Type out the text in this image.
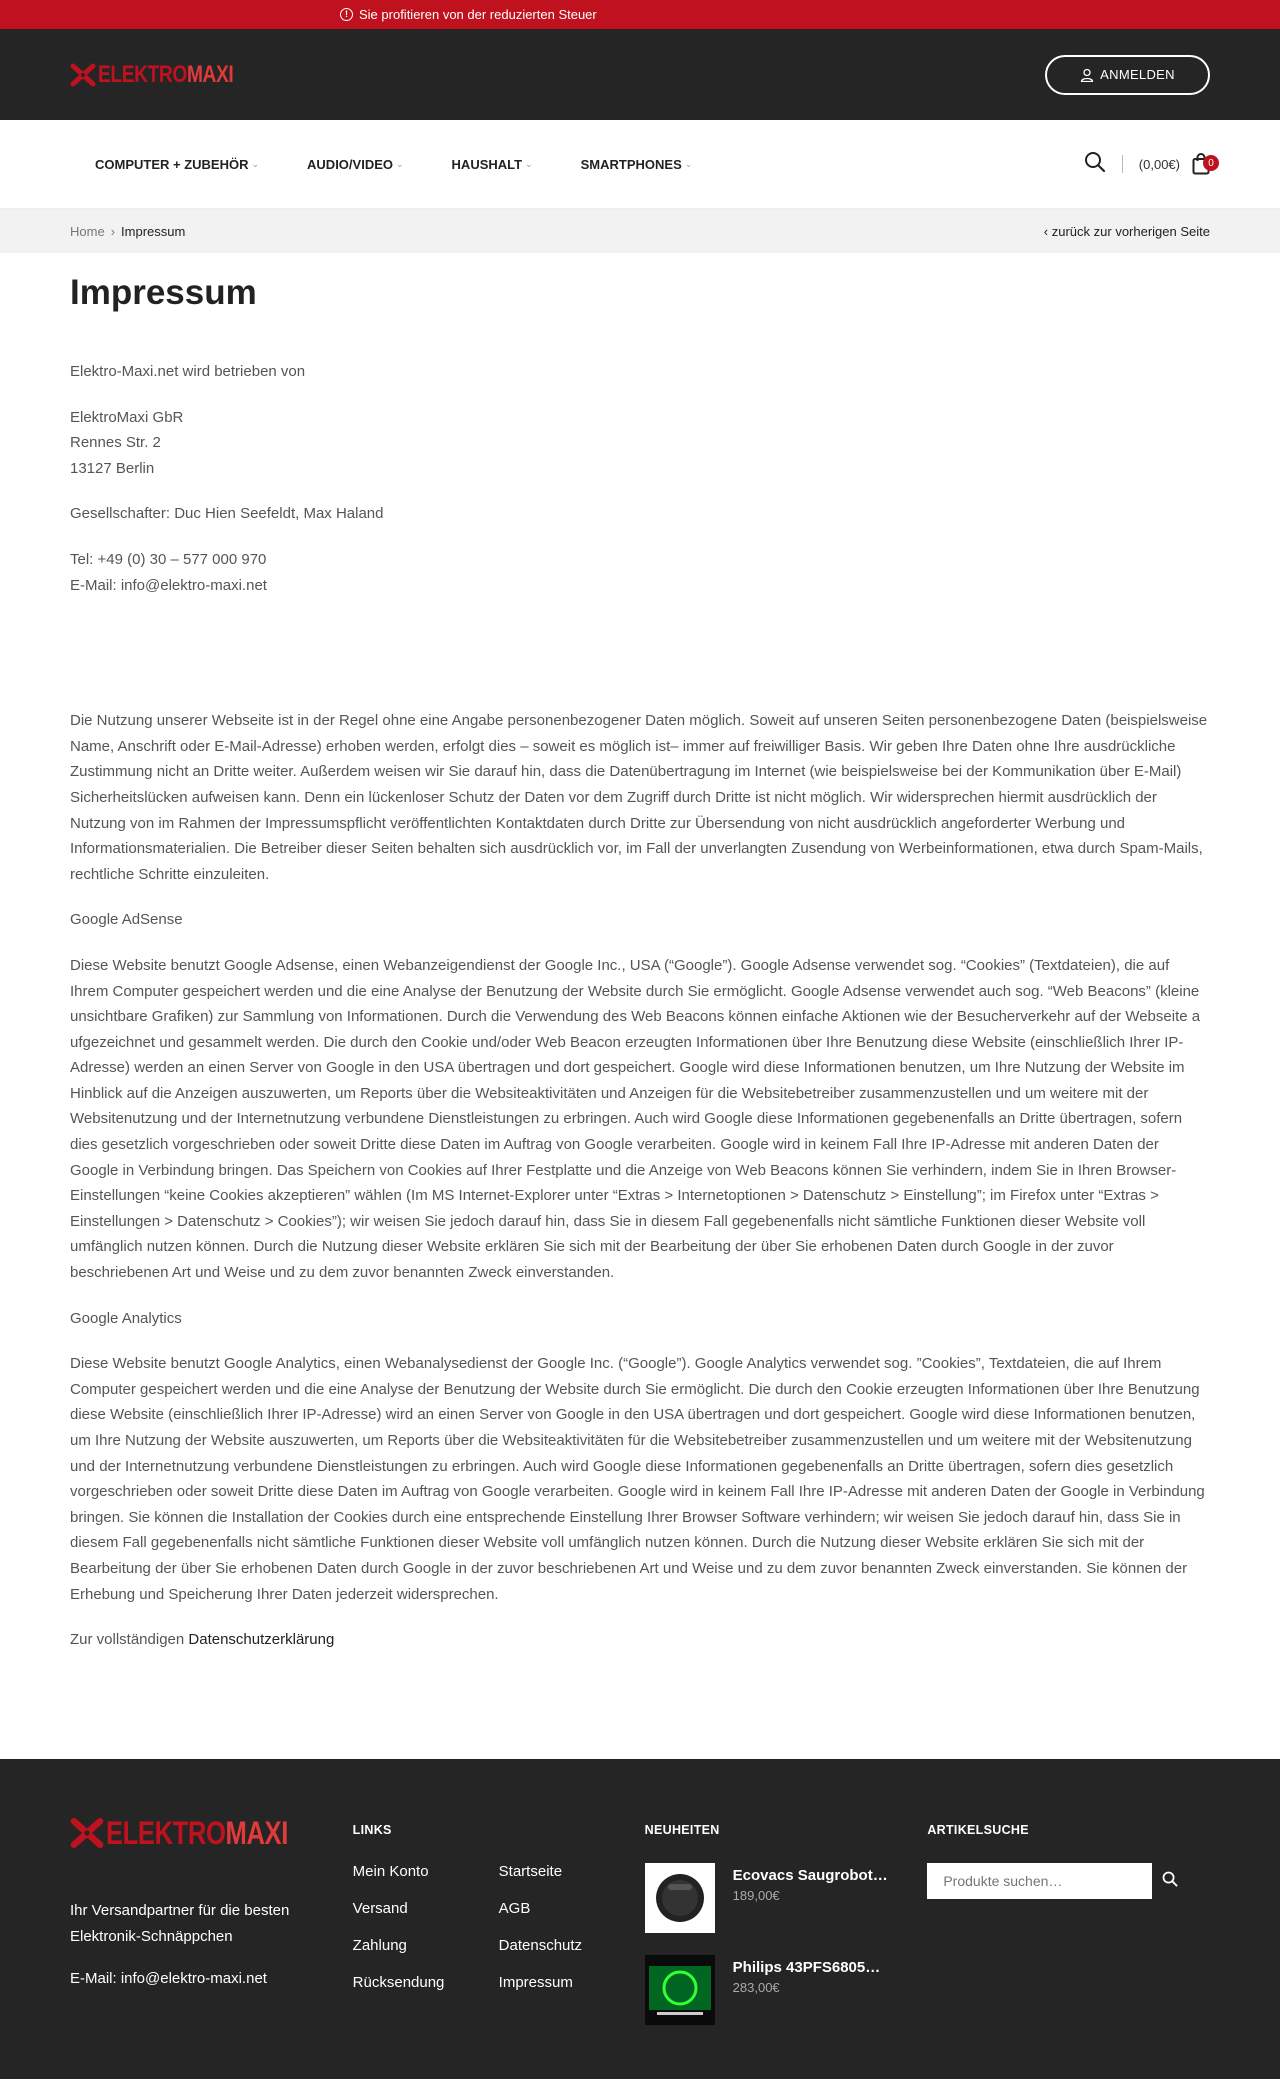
! Sie profitieren von der reduzierten Steuer
ELEKTROMAXI	ANMELDEN
COMPUTER + ZUBEHÖR ⌄	AUDIO/VIDEO ⌄	HAUSHALT ⌄	SMARTPHONES ⌄	(0,00€)	0
Home › Impressum	‹ zurück zur vorherigen Seite
Impressum

Elektro-Maxi.net wird betrieben von

ElektroMaxi GbR
Rennes Str. 2
13127 Berlin

Gesellschafter: Duc Hien Seefeldt, Max Haland

Tel: +49 (0) 30 – 577 000 970
E-Mail: info@elektro-maxi.net

Die Nutzung unserer Webseite ist in der Regel ohne eine Angabe personenbezogener Daten möglich. Soweit auf unseren Seiten personenbezogene Daten (beispielsweise Name, Anschrift oder E-Mail-Adresse) erhoben werden, erfolgt dies – soweit es möglich ist– immer auf freiwilliger Basis. Wir geben Ihre Daten ohne Ihre ausdrückliche Zustimmung nicht an Dritte weiter. Außerdem weisen wir Sie darauf hin, dass die Datenübertragung im Internet (wie beispielsweise bei der Kommunikation über E-Mail) Sicherheitslücken aufweisen kann. Denn ein lückenloser Schutz der Daten vor dem Zugriff durch Dritte ist nicht möglich. Wir widersprechen hiermit ausdrücklich der Nutzung von im Rahmen der Impressumspflicht veröffentlichten Kontaktdaten durch Dritte zur Übersendung von nicht ausdrücklich angeforderter Werbung und Informationsmaterialien. Die Betreiber dieser Seiten behalten sich ausdrücklich vor, im Fall der unverlangten Zusendung von Werbeinformationen, etwa durch Spam-Mails, rechtliche Schritte einzuleiten.

Google AdSense

Diese Website benutzt Google Adsense, einen Webanzeigendienst der Google Inc., USA (“Google”). Google Adsense verwendet sog. “Cookies” (Textdateien), die auf Ihrem Computer gespeichert werden und die eine Analyse der Benutzung der Website durch Sie ermöglicht. Google Adsense verwendet auch sog. “Web Beacons” (kleine unsichtbare Grafiken) zur Sammlung von Informationen. Durch die Verwendung des Web Beacons können einfache Aktionen wie der Besucherverkehr auf der Webseite a ufgezeichnet und gesammelt werden. Die durch den Cookie und/oder Web Beacon erzeugten Informationen über Ihre Benutzung diese Website (einschließlich Ihrer IP-Adresse) werden an einen Server von Google in den USA übertragen und dort gespeichert. Google wird diese Informationen benutzen, um Ihre Nutzung der Website im Hinblick auf die Anzeigen auszuwerten, um Reports über die Websiteaktivitäten und Anzeigen für die Websitebetreiber zusammenzustellen und um weitere mit der Websitenutzung und der Internetnutzung verbundene Dienstleistungen zu erbringen. Auch wird Google diese Informationen gegebenenfalls an Dritte übertragen, sofern dies gesetzlich vorgeschrieben oder soweit Dritte diese Daten im Auftrag von Google verarbeiten. Google wird in keinem Fall Ihre IP-Adresse mit anderen Daten der Google in Verbindung bringen. Das Speichern von Cookies auf Ihrer Festplatte und die Anzeige von Web Beacons können Sie verhindern, indem Sie in Ihren Browser-Einstellungen “keine Cookies akzeptieren” wählen (Im MS Internet-Explorer unter “Extras > Internetoptionen > Datenschutz > Einstellung”; im Firefox unter “Extras > Einstellungen > Datenschutz > Cookies”); wir weisen Sie jedoch darauf hin, dass Sie in diesem Fall gegebenenfalls nicht sämtliche Funktionen dieser Website voll umfänglich nutzen können. Durch die Nutzung dieser Website erklären Sie sich mit der Bearbeitung der über Sie erhobenen Daten durch Google in der zuvor beschriebenen Art und Weise und zu dem zuvor benannten Zweck einverstanden.

Google Analytics

Diese Website benutzt Google Analytics, einen Webanalysedienst der Google Inc. (“Google”). Google Analytics verwendet sog. ”Cookies”, Textdateien, die auf Ihrem Computer gespeichert werden und die eine Analyse der Benutzung der Website durch Sie ermöglicht. Die durch den Cookie erzeugten Informationen über Ihre Benutzung diese Website (einschließlich Ihrer IP-Adresse) wird an einen Server von Google in den USA übertragen und dort gespeichert. Google wird diese Informationen benutzen, um Ihre Nutzung der Website auszuwerten, um Reports über die Websiteaktivitäten für die Websitebetreiber zusammenzustellen und um weitere mit der Websitenutzung und der Internetnutzung verbundene Dienstleistungen zu erbringen. Auch wird Google diese Informationen gegebenenfalls an Dritte übertragen, sofern dies gesetzlich vorgeschrieben oder soweit Dritte diese Daten im Auftrag von Google verarbeiten. Google wird in keinem Fall Ihre IP-Adresse mit anderen Daten der Google in Verbindung bringen. Sie können die Installation der Cookies durch eine entsprechende Einstellung Ihrer Browser Software verhindern; wir weisen Sie jedoch darauf hin, dass Sie in diesem Fall gegebenenfalls nicht sämtliche Funktionen dieser Website voll umfänglich nutzen können. Durch die Nutzung dieser Website erklären Sie sich mit der Bearbeitung der über Sie erhobenen Daten durch Google in der zuvor beschriebenen Art und Weise und zu dem zuvor benannten Zweck einverstanden. Sie können der Erhebung und Speicherung Ihrer Daten jederzeit widersprechen.

Zur vollständigen Datenschutzerklärung

ELEKTROMAXI
Ihr Versandpartner für die besten Elektronik-Schnäppchen
E-Mail: info@elektro-maxi.net
LINKS
Mein Konto	Startseite
Versand	AGB
Zahlung	Datenschutz
Rücksendung	Impressum
NEUHEITEN
Ecovacs Saugrobot…
189,00€
Philips 43PFS6805…
283,00€
ARTIKELSUCHE
Produkte suchen…
